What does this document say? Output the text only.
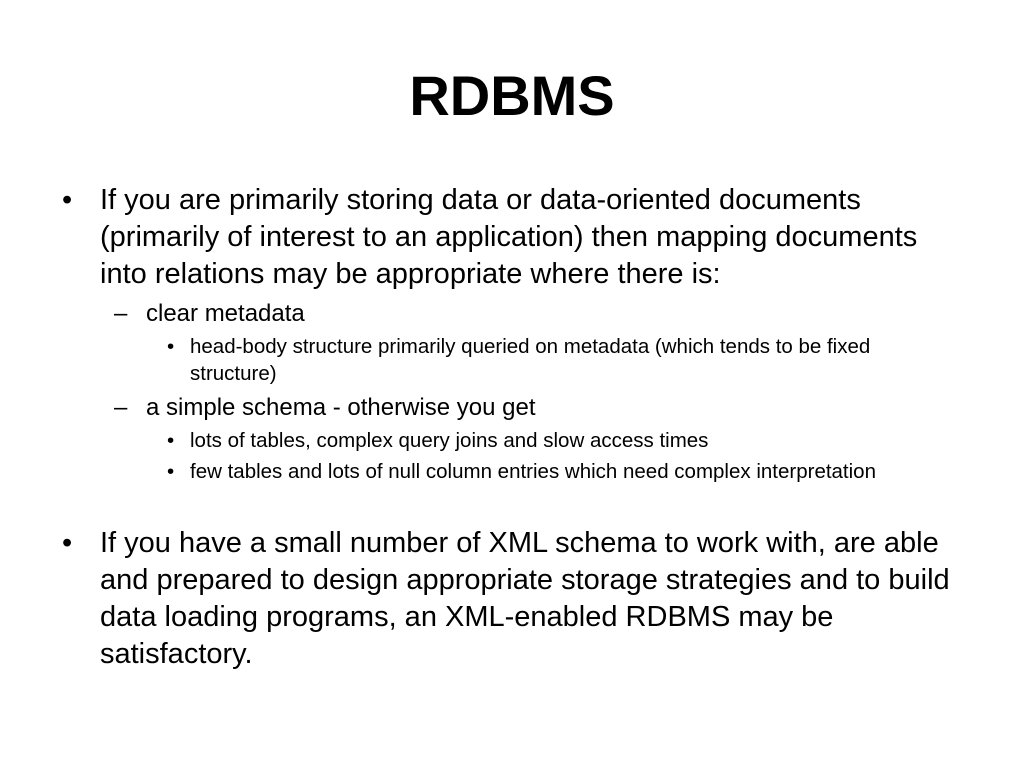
RDBMS
• If you are primarily storing data or data-oriented documents (primarily of interest to an application) then mapping documents into relations may be appropriate where there is:
– clear metadata
• head-body structure primarily queried on metadata (which tends to be fixed structure)
– a simple schema - otherwise you get
• lots of tables, complex query joins and slow access times
• few tables and lots of null column entries which need complex interpretation
• If you have a small number of XML schema to work with, are able and prepared to design appropriate storage strategies and to build data loading programs, an XML-enabled RDBMS may be satisfactory.
